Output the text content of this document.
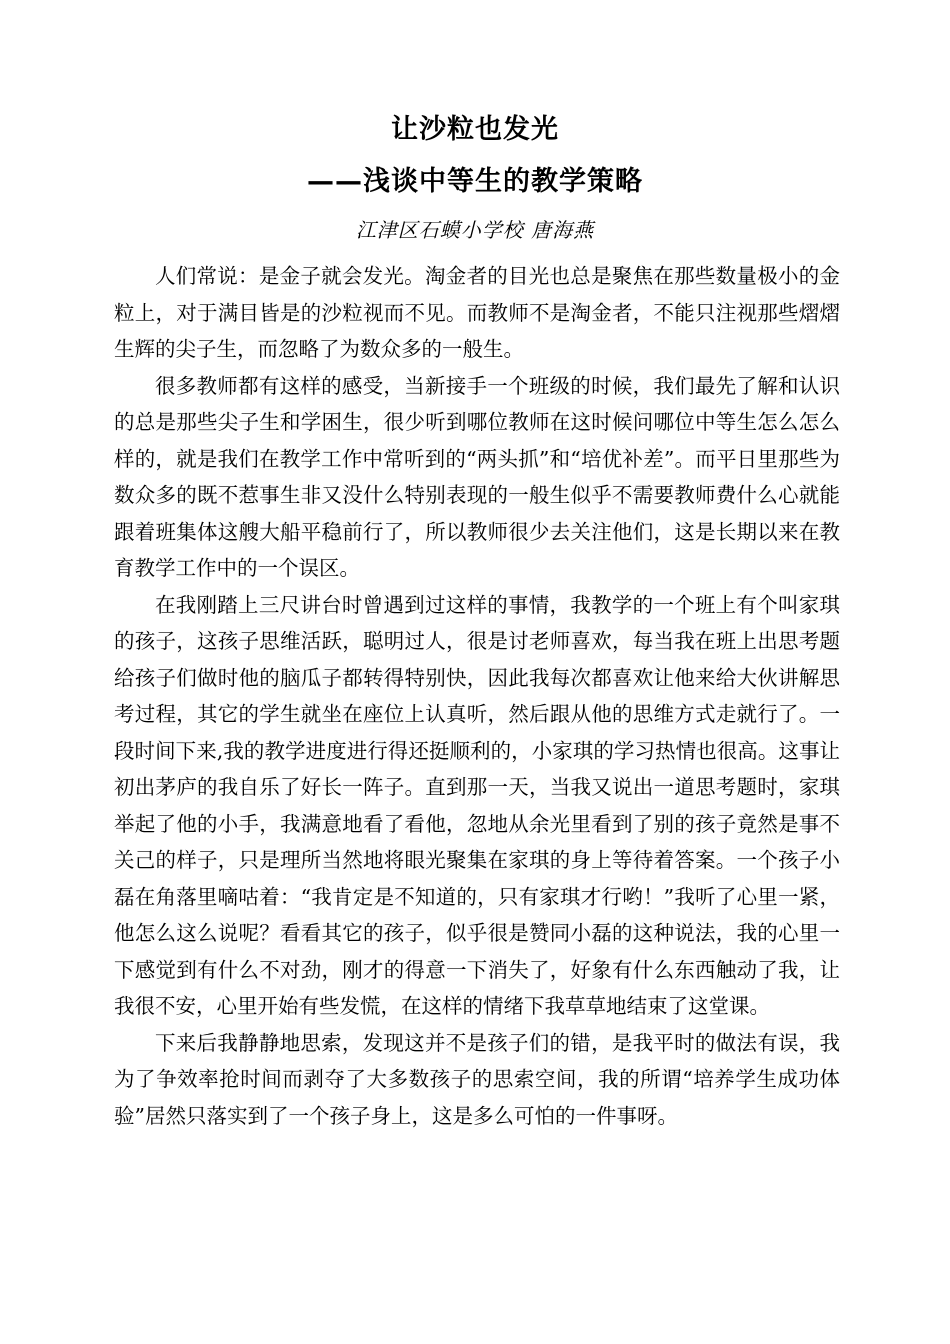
让沙粒也发光
——浅谈中等生的教学策略
江津区石蟆小学校 唐海燕

人们常说：是金子就会发光。淘金者的目光也总是聚焦在那些数量极小的金粒上，对于满目皆是的沙粒视而不见。而教师不是淘金者，不能只注视那些熠熠生辉的尖子生，而忽略了为数众多的一般生。

很多教师都有这样的感受，当新接手一个班级的时候，我们最先了解和认识的总是那些尖子生和学困生，很少听到哪位教师在这时候问哪位中等生怎么怎么样的，就是我们在教学工作中常听到的“两头抓”和“培优补差”。而平日里那些为数众多的既不惹事生非又没什么特别表现的一般生似乎不需要教师费什么心就能跟着班集体这艘大船平稳前行了，所以教师很少去关注他们，这是长期以来在教育教学工作中的一个误区。

在我刚踏上三尺讲台时曾遇到过这样的事情，我教学的一个班上有个叫家琪的孩子，这孩子思维活跃，聪明过人，很是讨老师喜欢，每当我在班上出思考题给孩子们做时他的脑瓜子都转得特别快，因此我每次都喜欢让他来给大伙讲解思考过程，其它的学生就坐在座位上认真听，然后跟从他的思维方式走就行了。一段时间下来,我的教学进度进行得还挺顺利的，小家琪的学习热情也很高。这事让初出茅庐的我自乐了好长一阵子。直到那一天，当我又说出一道思考题时，家琪举起了他的小手，我满意地看了看他，忽地从余光里看到了别的孩子竟然是事不关己的样子，只是理所当然地将眼光聚集在家琪的身上等待着答案。一个孩子小磊在角落里嘀咕着：“我肯定是不知道的，只有家琪才行哟！”我听了心里一紧，他怎么这么说呢？看看其它的孩子，似乎很是赞同小磊的这种说法，我的心里一下感觉到有什么不对劲，刚才的得意一下消失了，好象有什么东西触动了我，让我很不安，心里开始有些发慌，在这样的情绪下我草草地结束了这堂课。

下来后我静静地思索，发现这并不是孩子们的错，是我平时的做法有误，我为了争效率抢时间而剥夺了大多数孩子的思索空间，我的所谓“培养学生成功体验”居然只落实到了一个孩子身上，这是多么可怕的一件事呀。
